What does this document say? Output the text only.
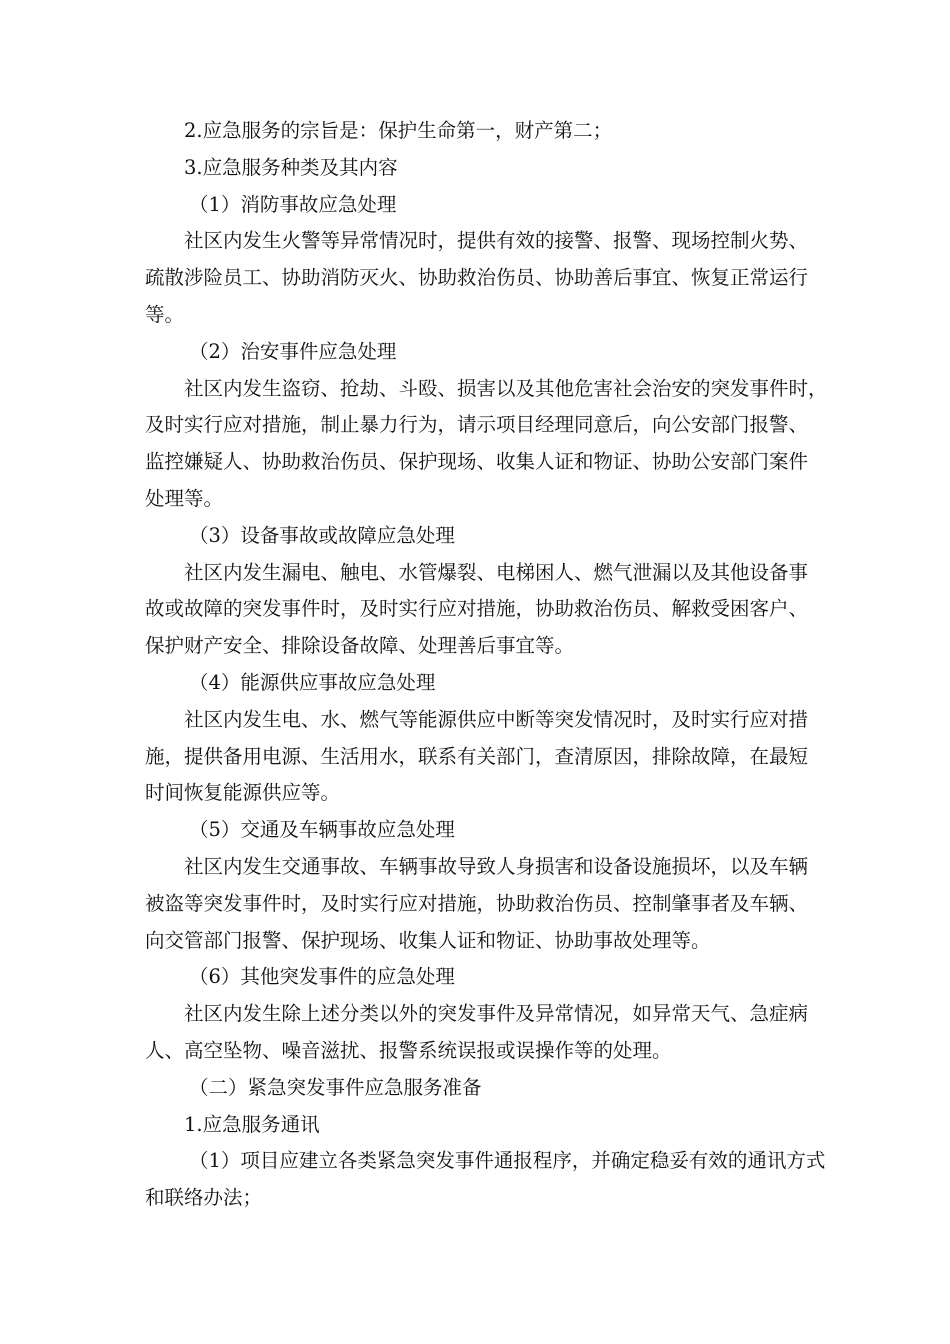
2.应急服务的宗旨是：保护生命第一，财产第二；
3.应急服务种类及其内容
（1）消防事故应急处理
社区内发生火警等异常情况时，提供有效的接警、报警、现场控制火势、
疏散涉险员工、协助消防灭火、协助救治伤员、协助善后事宜、恢复正常运行
等。
（2）治安事件应急处理
社区内发生盗窃、抢劫、斗殴、损害以及其他危害社会治安的突发事件时，
及时实行应对措施，制止暴力行为，请示项目经理同意后，向公安部门报警、
监控嫌疑人、协助救治伤员、保护现场、收集人证和物证、协助公安部门案件
处理等。
（3）设备事故或故障应急处理
社区内发生漏电、触电、水管爆裂、电梯困人、燃气泄漏以及其他设备事
故或故障的突发事件时，及时实行应对措施，协助救治伤员、解救受困客户、
保护财产安全、排除设备故障、处理善后事宜等。
（4）能源供应事故应急处理
社区内发生电、水、燃气等能源供应中断等突发情况时，及时实行应对措
施，提供备用电源、生活用水，联系有关部门，查清原因，排除故障，在最短
时间恢复能源供应等。
（5）交通及车辆事故应急处理
社区内发生交通事故、车辆事故导致人身损害和设备设施损坏，以及车辆
被盗等突发事件时，及时实行应对措施，协助救治伤员、控制肇事者及车辆、
向交管部门报警、保护现场、收集人证和物证、协助事故处理等。
（6）其他突发事件的应急处理
社区内发生除上述分类以外的突发事件及异常情况，如异常天气、急症病
人、高空坠物、噪音滋扰、报警系统误报或误操作等的处理。
（二）紧急突发事件应急服务准备
1.应急服务通讯
（1）项目应建立各类紧急突发事件通报程序，并确定稳妥有效的通讯方式
和联络办法；
